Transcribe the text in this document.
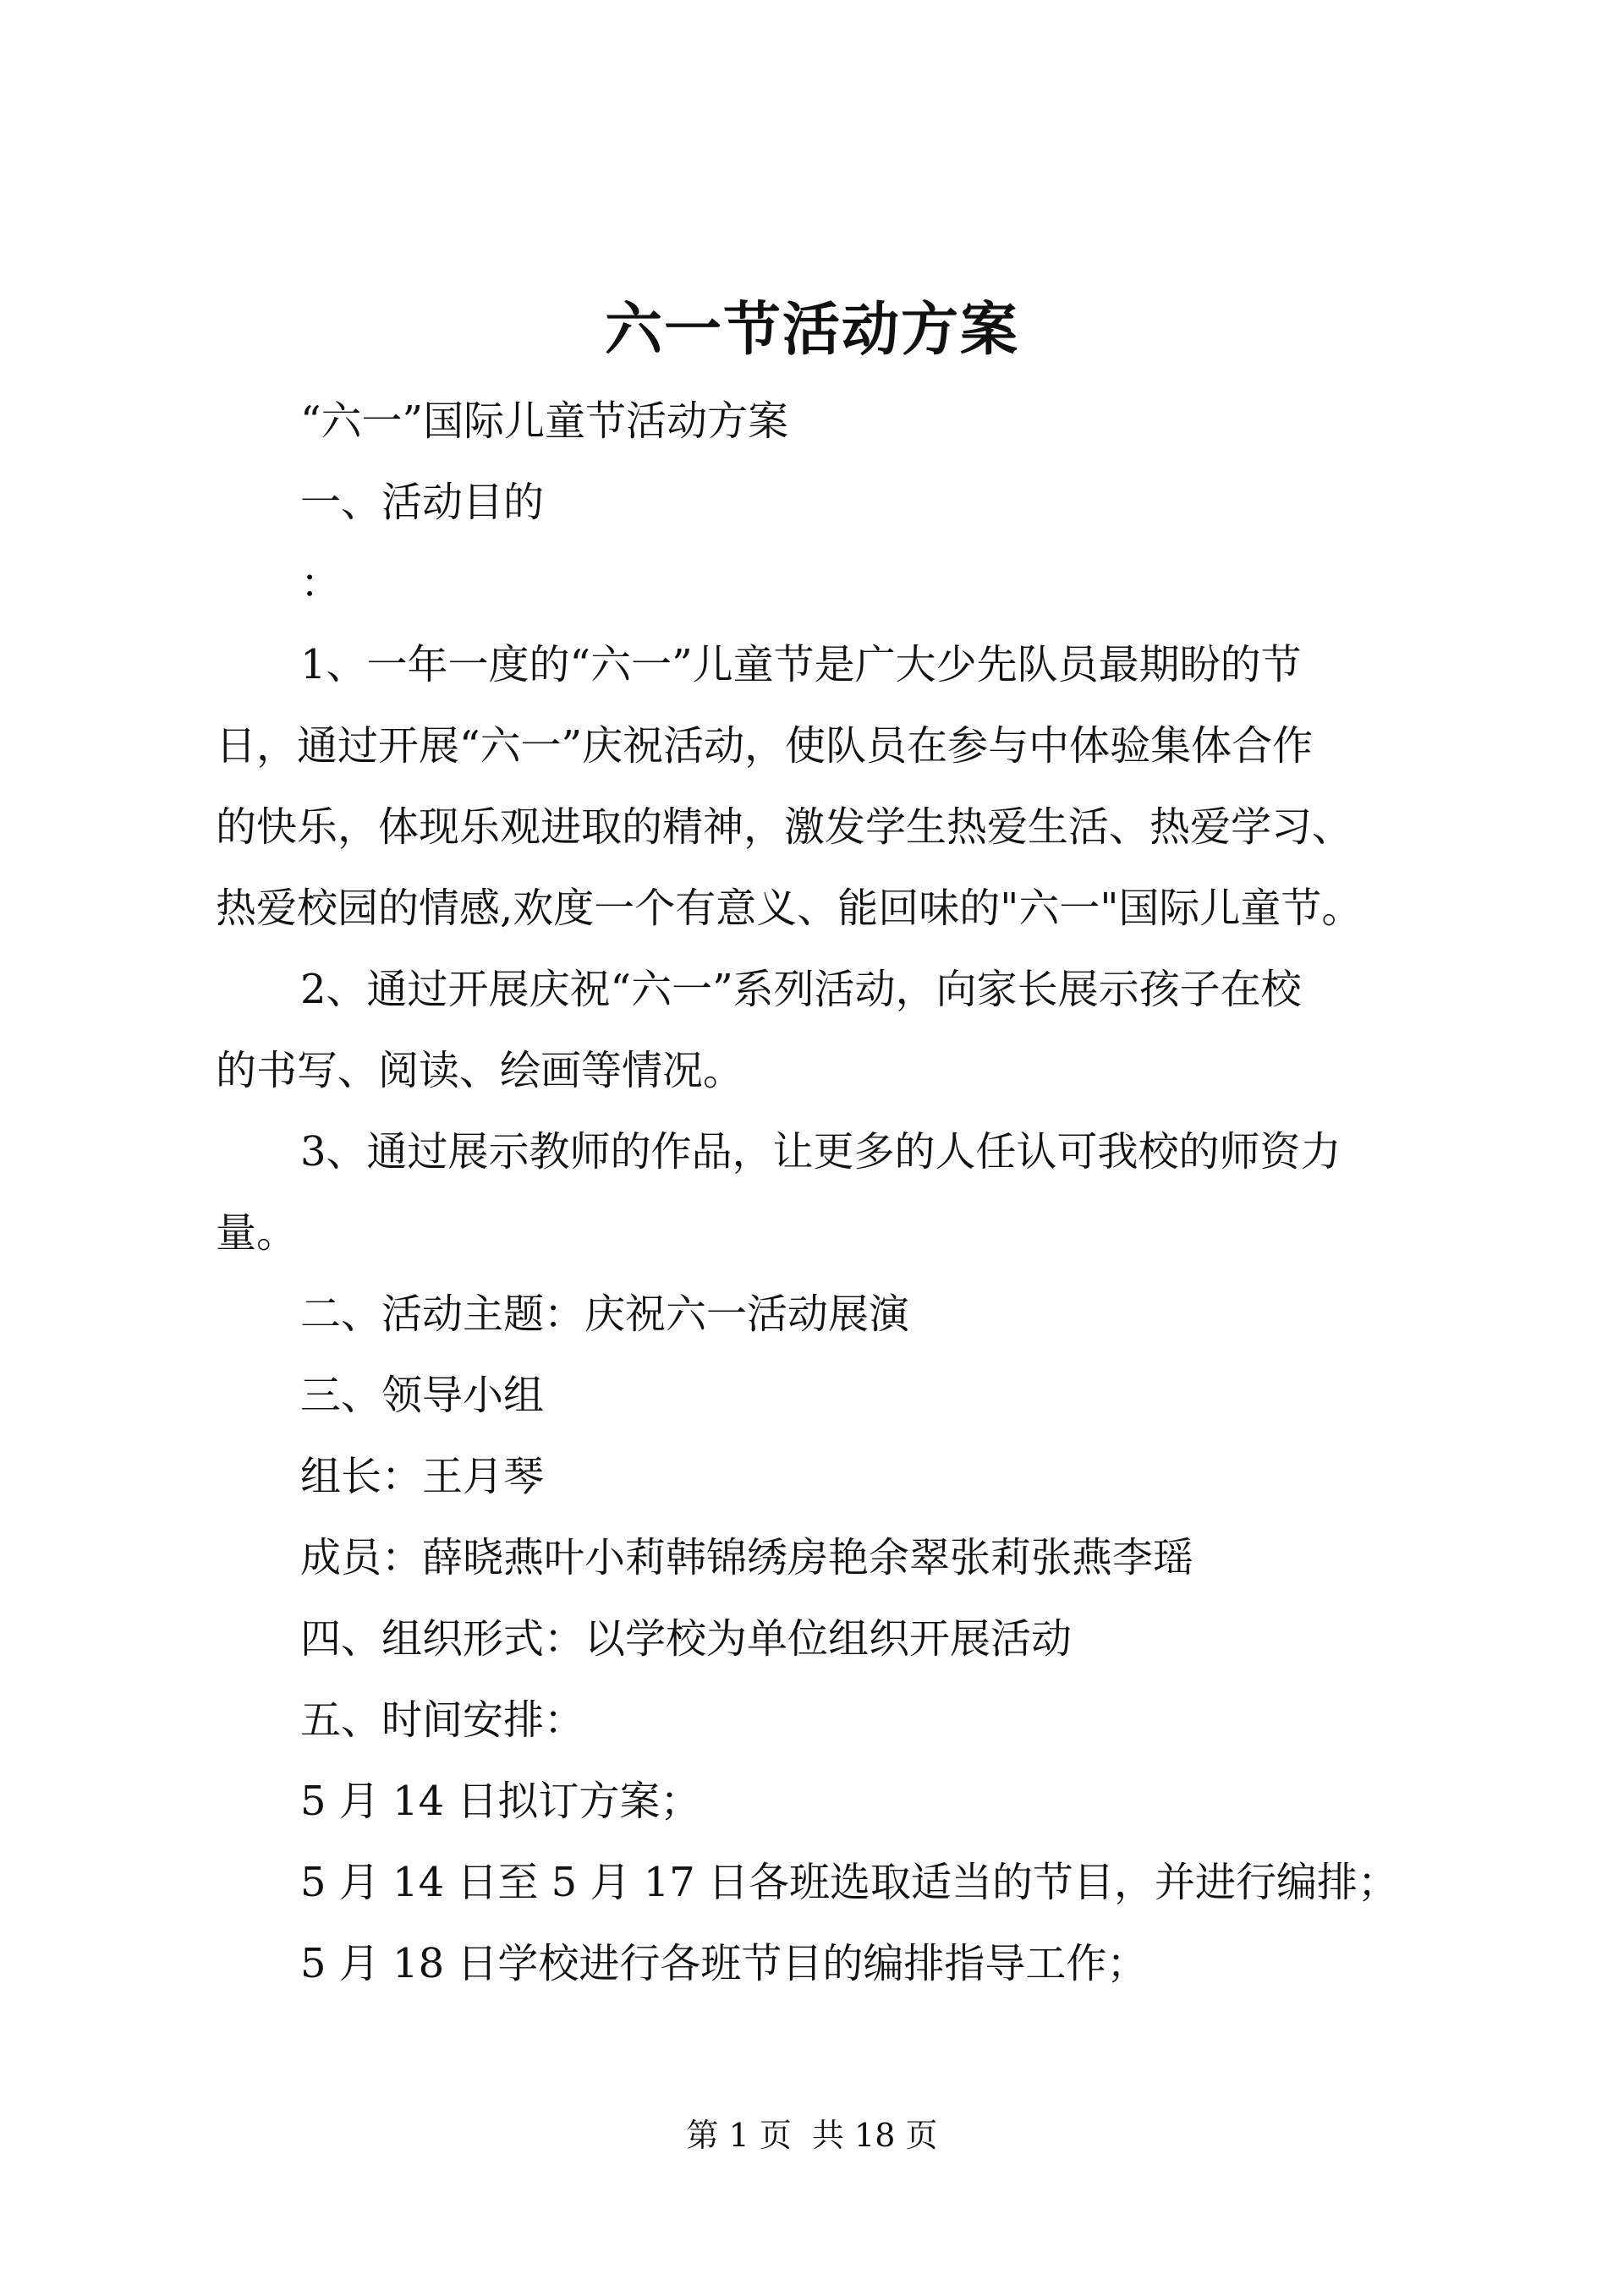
六一节活动方案
“六一”国际儿童节活动方案
一、活动目的
：
1、一年一度的“六一”儿童节是广大少先队员最期盼的节
日，通过开展“六一”庆祝活动，使队员在参与中体验集体合作
的快乐，体现乐观进取的精神，激发学生热爱生活、热爱学习、
热爱校园的情感,欢度一个有意义、能回味的"六一"国际儿童节。
2、通过开展庆祝“六一”系列活动，向家长展示孩子在校
的书写、阅读、绘画等情况。
3、通过展示教师的作品，让更多的人任认可我校的师资力
量。
二、活动主题：庆祝六一活动展演
三、领导小组
组长：王月琴
成员：薛晓燕叶小莉韩锦绣房艳余翠张莉张燕李瑶
四、组织形式：以学校为单位组织开展活动
五、时间安排：
5 月 14 日拟订方案；
5 月 14 日至 5 月 17 日各班选取适当的节目，并进行编排；
5 月 18 日学校进行各班节目的编排指导工作；
第 1 页  共 18 页
